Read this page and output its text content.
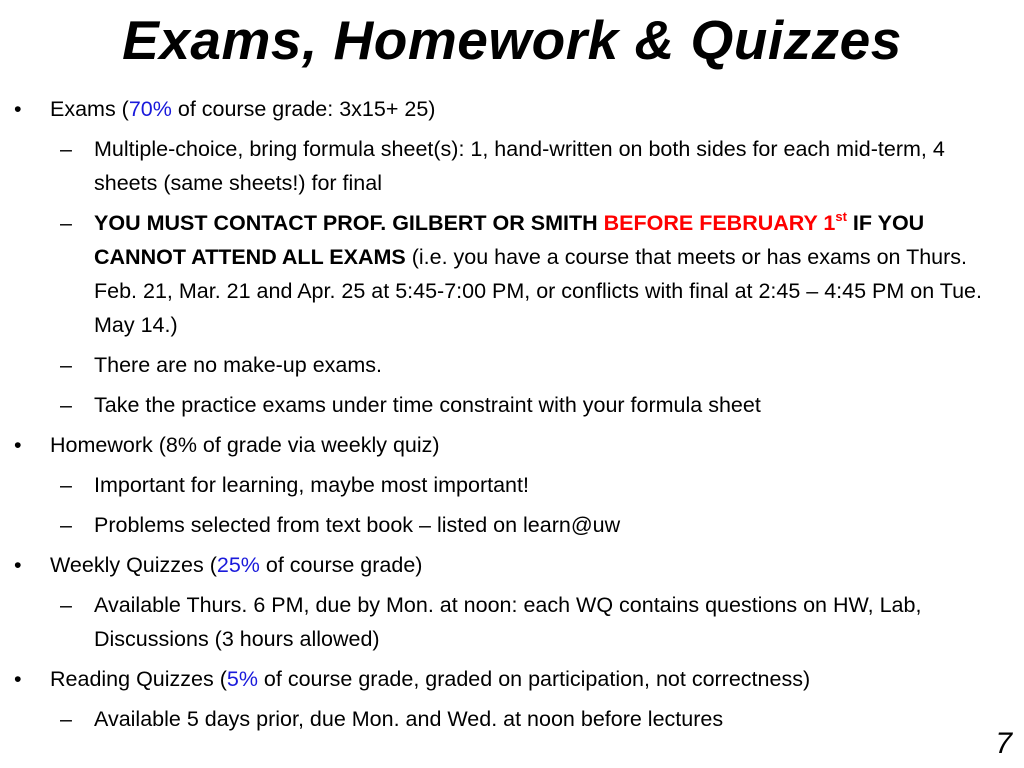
Exams, Homework & Quizzes
• Exams (70% of course grade: 3x15+ 25)
– Multiple-choice, bring formula sheet(s): 1, hand-written on both sides for each mid-term, 4 sheets (same sheets!) for final
– YOU MUST CONTACT PROF. GILBERT OR SMITH BEFORE FEBRUARY 1st IF YOU CANNOT ATTEND ALL EXAMS (i.e. you have a course that meets or has exams on Thurs. Feb. 21, Mar. 21 and Apr. 25 at 5:45-7:00 PM, or conflicts with final at 2:45 – 4:45 PM on Tue. May 14.)
– There are no make-up exams.
– Take the practice exams under time constraint with your formula sheet
• Homework (8% of grade via weekly quiz)
– Important for learning, maybe most important!
– Problems selected from text book – listed on learn@uw
• Weekly Quizzes (25% of course grade)
– Available Thurs. 6 PM, due by Mon. at noon: each WQ contains questions on HW, Lab, Discussions (3 hours allowed)
• Reading Quizzes (5% of course grade, graded on participation, not correctness)
– Available 5 days prior, due Mon. and Wed. at noon before lectures
7
